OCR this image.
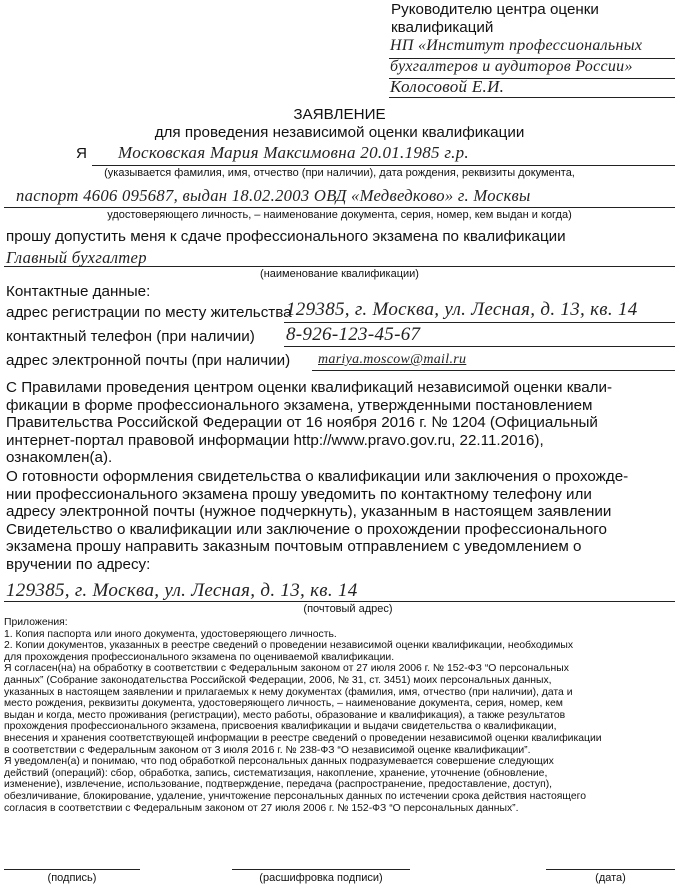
Руководителю центра оценки
квалификаций
НП «Институт профессиональных
бухгалтеров и аудиторов России»
Колосовой Е.И.
ЗАЯВЛЕНИЕ
для проведения независимой оценки квалификации
Я Московская Мария Максимовна 20.01.1985 г.р.
(указывается фамилия, имя, отчество (при наличии), дата рождения, реквизиты документа,
паспорт 4606 095687, выдан 18.02.2003 ОВД «Медведково» г. Москвы
удостоверяющего личность, – наименование документа, серия, номер, кем выдан и когда)
прошу допустить меня к сдаче профессионального экзамена по квалификации
Главный бухгалтер
(наименование квалификации)
Контактные данные:
адрес регистрации по месту жительства
129385, г. Москва, ул. Лесная, д. 13, кв. 14
контактный телефон (при наличии) 8-926-123-45-67
адрес электронной почты (при наличии) mariya.moscow@mail.ru
С Правилами проведения центром оценки квалификаций независимой оценки квали-
фикации в форме профессионального экзамена, утвержденными постановлением
Правительства Российской Федерации от 16 ноября 2016 г. № 1204 (Официальный
интернет-портал правовой информации http://www.pravo.gov.ru, 22.11.2016),
ознакомлен(а).
О готовности оформления свидетельства о квалификации или заключения о прохожде-
нии профессионального экзамена прошу уведомить по контактному телефону или
адресу электронной почты (нужное подчеркнуть), указанным в настоящем заявлении
Свидетельство о квалификации или заключение о прохождении профессионального
экзамена прошу направить заказным почтовым отправлением с уведомлением о
вручении по адресу:
129385, г. Москва, ул. Лесная, д. 13, кв. 14
(почтовый адрес)
Приложения:
1. Копия паспорта или иного документа, удостоверяющего личность.
2. Копии документов, указанных в реестре сведений о проведении независимой оценки квалификации, необходимых
для прохождения профессионального экзамена по оцениваемой квалификации.
Я согласен(на) на обработку в соответствии с Федеральным законом от 27 июля 2006 г. № 152-ФЗ “О персональных
данных” (Собрание законодательства Российской Федерации, 2006, № 31, ст. 3451) моих персональных данных,
указанных в настоящем заявлении и прилагаемых к нему документах (фамилия, имя, отчество (при наличии), дата и
место рождения, реквизиты документа, удостоверяющего личность, – наименование документа, серия, номер, кем
выдан и когда, место проживания (регистрации), место работы, образование и квалификация), а также результатов
прохождения профессионального экзамена, присвоения квалификации и выдачи свидетельства о квалификации,
внесения и хранения соответствующей информации в реестре сведений о проведении независимой оценки квалификации
в соответствии с Федеральным законом от 3 июля 2016 г. № 238-ФЗ “О независимой оценке квалификации”.
Я уведомлен(а) и понимаю, что под обработкой персональных данных подразумевается совершение следующих
действий (операций): сбор, обработка, запись, систематизация, накопление, хранение, уточнение (обновление,
изменение), извлечение, использование, подтверждение, передача (распространение, предоставление, доступ),
обезличивание, блокирование, удаление, уничтожение персональных данных по истечении срока действия настоящего
согласия в соответствии с Федеральным законом от 27 июля 2006 г. № 152-ФЗ “О персональных данных”.
(подпись)	(расшифровка подписи)	(дата)
